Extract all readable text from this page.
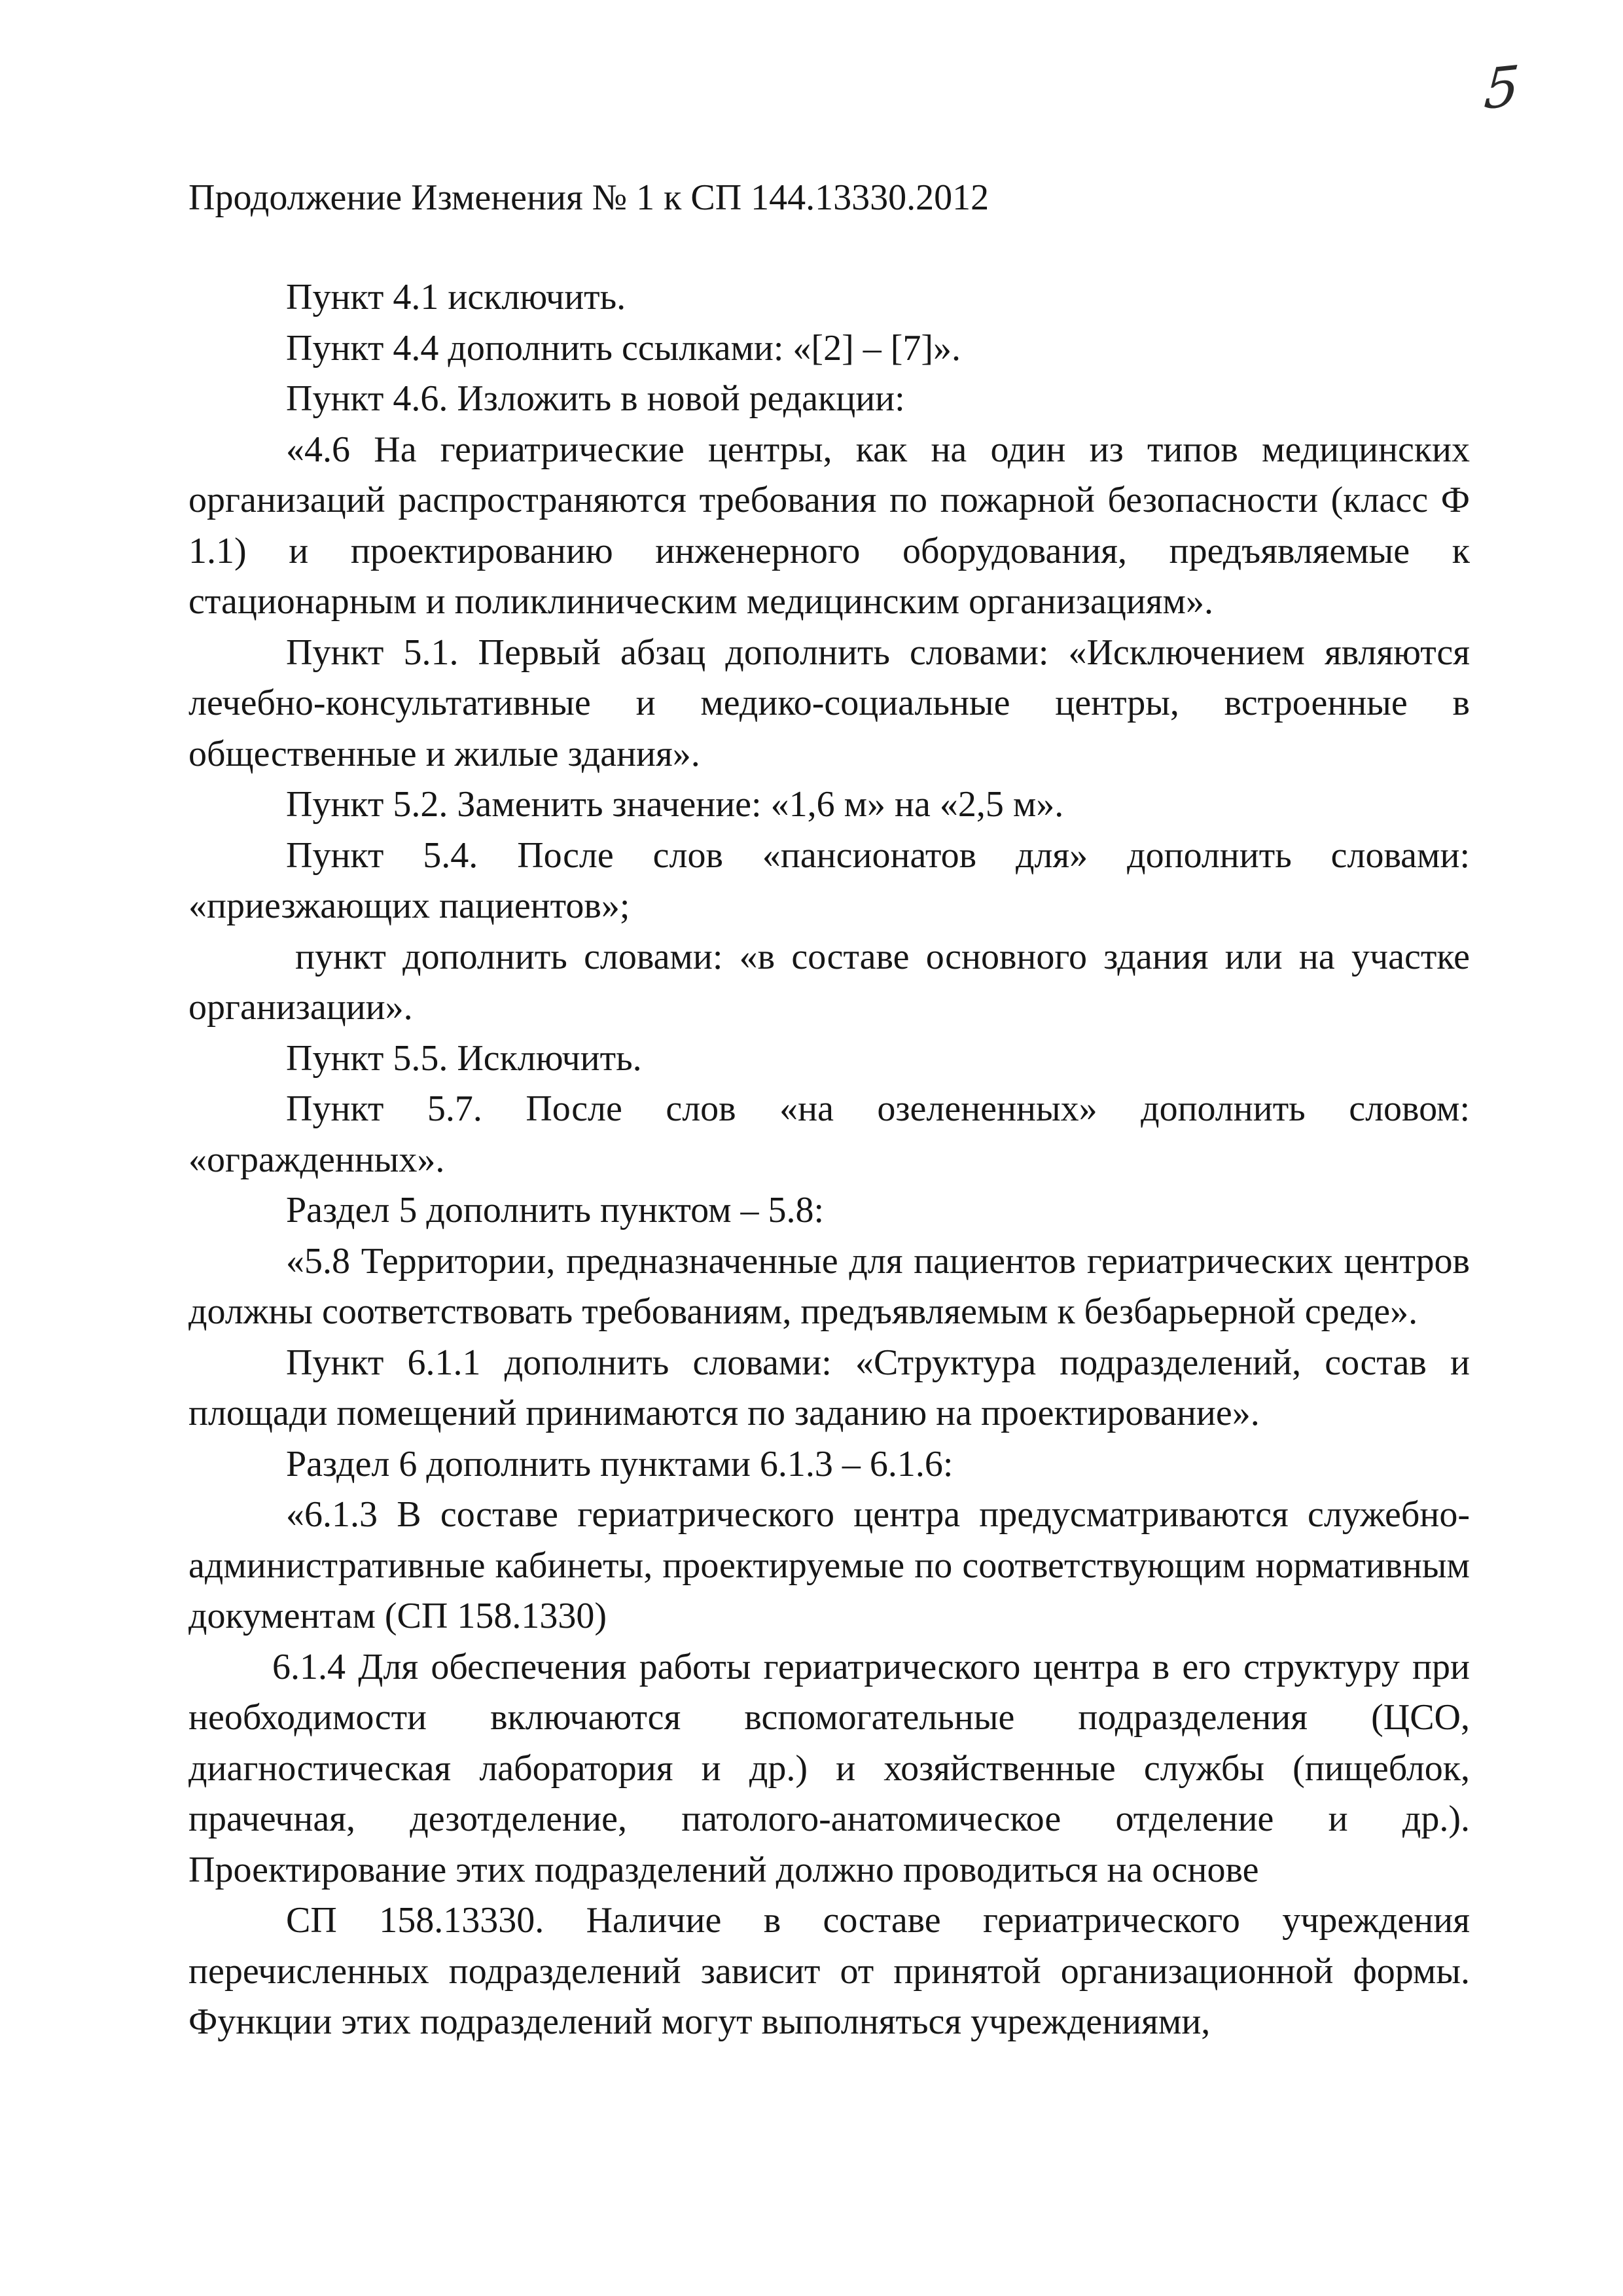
5
Продолжение Изменения № 1 к СП 144.13330.2012

Пункт 4.1 исключить.

Пункт 4.4 дополнить ссылками: «[2] – [7]».

Пункт 4.6. Изложить в новой редакции:

«4.6 На гериатрические центры, как на один из типов медицинских организаций распространяются требования по пожарной безопасности (класс Ф 1.1) и проектированию инженерного оборудования, предъявляемые к стационарным и поликлиническим медицинским организациям».

Пункт 5.1. Первый абзац дополнить словами: «Исключением являются лечебно-консультативные и медико-социальные центры, встроенные в общественные и жилые здания».

Пункт 5.2. Заменить значение: «1,6 м» на «2,5 м».

Пункт 5.4. После слов «пансионатов для» дополнить словами: «приезжающих пациентов»;

пункт дополнить словами: «в составе основного здания или на участке организации».

Пункт 5.5. Исключить.

Пункт 5.7. После слов «на озелененных» дополнить словом: «огражденных».

Раздел 5 дополнить пунктом – 5.8:

«5.8 Территории, предназначенные для пациентов гериатрических центров должны соответствовать требованиям, предъявляемым к безбарьерной среде».

Пункт 6.1.1 дополнить словами: «Структура подразделений, состав и площади помещений принимаются по заданию на проектирование».

Раздел 6 дополнить пунктами 6.1.3 – 6.1.6:

«6.1.3 В составе гериатрического центра предусматриваются служебно-административные кабинеты, проектируемые по соответствующим нормативным документам (СП 158.1330)

6.1.4 Для обеспечения работы гериатрического центра в его структуру при необходимости включаются вспомогательные подразделения (ЦСО, диагностическая лаборатория и др.) и хозяйственные службы (пищеблок, прачечная, дезотделение, патолого-анатомическое отделение и др.). Проектирование этих подразделений должно проводиться на основе

СП 158.13330. Наличие в составе гериатрического учреждения перечисленных подразделений зависит от принятой организационной формы. Функции этих подразделений могут выполняться учреждениями,
